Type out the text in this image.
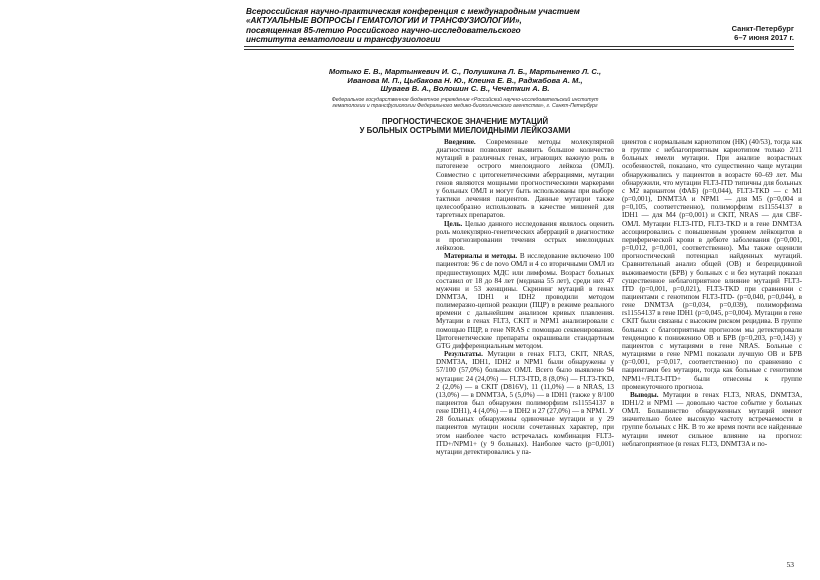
Всероссийская научно-практическая конференция с международным участием
«АКТУАЛЬНЫЕ ВОПРОСЫ ГЕМАТОЛОГИИ И ТРАНСФУЗИОЛОГИИ»,
посвященная 85-летию Российского научно-исследовательского
института гематологии и трансфузиологии
Санкт-Петербург
6–7 июня 2017 г.
Мотыко Е. В., Мартынкевич И. С., Полушкина Л. Б., Мартыненко Л. С.,
Иванова М. П., Цыбакова Н. Ю., Клеина Е. В., Раджабова А. М.,
Шуваев В. А., Волошин С. В., Чечеткин А. В.
Федеральное государственное бюджетное учреждение «Российский научно-исследовательский институт
гематологии и трансфузиологии Федерального медико-биологического агентства», г. Санкт-Петербург
ПРОГНОСТИЧЕСКОЕ ЗНАЧЕНИЕ МУТАЦИЙ
У БОЛЬНЫХ ОСТРЫМИ МИЕЛОИДНЫМИ ЛЕЙКОЗАМИ

Введение. Современные методы молекулярной диагностики позволяют выявить большое количество мутаций в различных генах, играющих важную роль в патогенезе острого миелоидного лейкоза (ОМЛ). Совместно с цитогенетическими аберрациями, мутации генов являются мощными прогностическими маркерами у больных ОМЛ и могут быть использованы при выборе тактики лечения пациентов. Данные мутации также целесообразно использовать в качестве мишеней для таргетных препаратов.

Цель. Целью данного исследования являлось оценить роль молекулярно-генетических аберраций в диагностике и прогнозировании течения острых миелоидных лейкозов.

Материалы и методы. В исследование включено 100 пациентов: 96 с de novo ОМЛ и 4 со вторичными ОМЛ из предшествующих МДС или лимфомы. Возраст больных составил от 18 до 84 лет (медиана 55 лет), среди них 47 мужчин и 53 женщины. Скрининг мутаций в генах DNMT3A, IDH1 и IDH2 проводили методом полимеразно-цепной реакции (ПЦР) в режиме реального времени с дальнейшим анализом кривых плавления. Мутации в генах FLT3, CKIT и NPM1 анализировали с помощью ПЦР, в гене NRAS с помощью секвенирования. Цитогенетические препараты окрашивали стандартным GTG дифференциальным методом.

Результаты. Мутации в генах FLT3, CKIT, NRAS, DNMT3A, IDH1, IDH2 и NPM1 были обнаружены у 57/100 (57,0%) больных ОМЛ. Всего было выявлено 94 мутации: 24 (24,0%) — FLT3-ITD, 8 (8,0%) — FLT3-TKD, 2 (2,0%) — в CKIT (D816V), 11 (11,0%) — в NRAS, 13 (13,0%) — в DNMT3A, 5 (5,0%) — в IDH1 (также у 8/100 пациентов был обнаружен полиморфизм rs11554137 в гене IDH1), 4 (4,0%) — в IDH2 и 27 (27,0%) — в NPM1. У 28 больных обнаружены одиночные мутации и у 29 пациентов мутации носили сочетанных характер, при этом наиболее часто встречалась комбинация FLT3-ITD+/NPM1+ (у 9 больных). Наиболее часто (p=0,001) мутации детектировались у па-

циентов с нормальным кариотипом (НК) (40/53), тогда как в группе с неблагоприятным кариотипом только 2/11 больных имели мутации. При анализе возрастных особенностей, показано, что существенно чаще мутации обнаруживались у пациентов в возрасте 60–69 лет. Мы обнаружили, что мутации FLT3-ITD типичны для больных с M2 вариантом (ФАБ) (p=0,044), FLT3-TKD — с M1 (p=0,001), DNMT3A и NPM1 — для M5 (p=0,004 и p=0,105, соответственно), полиморфизм rs11554137 в IDH1 — для M4 (p=0,001) и CKIT, NRAS — для CBF-ОМЛ. Мутации FLT3-ITD, FLT3-TKD и в гене DNMT3A ассоциировались с повышенным уровнем лейкоцитов в периферической крови в дебюте заболевания (p=0,001, p=0,012, p=0,001, соответственно). Мы также оценили прогностический потенциал найденных мутаций. Сравнительный анализ общей (ОВ) и безрецидивной выживаемости (БРВ) у больных с и без мутаций показал существенное неблагоприятное влияние мутаций FLT3-ITD (p=0,001, p=0,021), FLT3-TKD при сравнении с пациентами с генотипом FLT3-ITD- (p=0,040, p=0,044), в гене DNMT3A (p=0,034, p=0,039), полиморфизма rs11554137 в гене IDH1 (p=0,045, p=0,004). Мутации в гене CKIT были связаны с высоким риском рецидива. В группе больных с благоприятным прогнозом мы детектировали тенденцию к понижению ОВ и БРВ (p=0,203, p=0,143) у пациентов с мутациями в гене NRAS. Больные с мутациями в гене NPM1 показали лучшую ОВ и БРВ (p=0,001, p=0,017, соответственно) по сравнению с пациентами без мутации, тогда как больные с генотипом NPM1+/FLT3-ITD+ были отнесены к группе промежуточного прогноза.

Выводы. Мутации в генах FLT3, NRAS, DNMT3A, IDH1/2 и NPM1 — довольно частое событие у больных ОМЛ. Большинство обнаруженных мутаций имеют значительно более высокую частоту встречаемости в группе больных с НК. В то же время почти все найденные мутации имеют сильное влияние на прогноз: неблагоприятное (в генах FLT3, DNMT3A и по-

53
